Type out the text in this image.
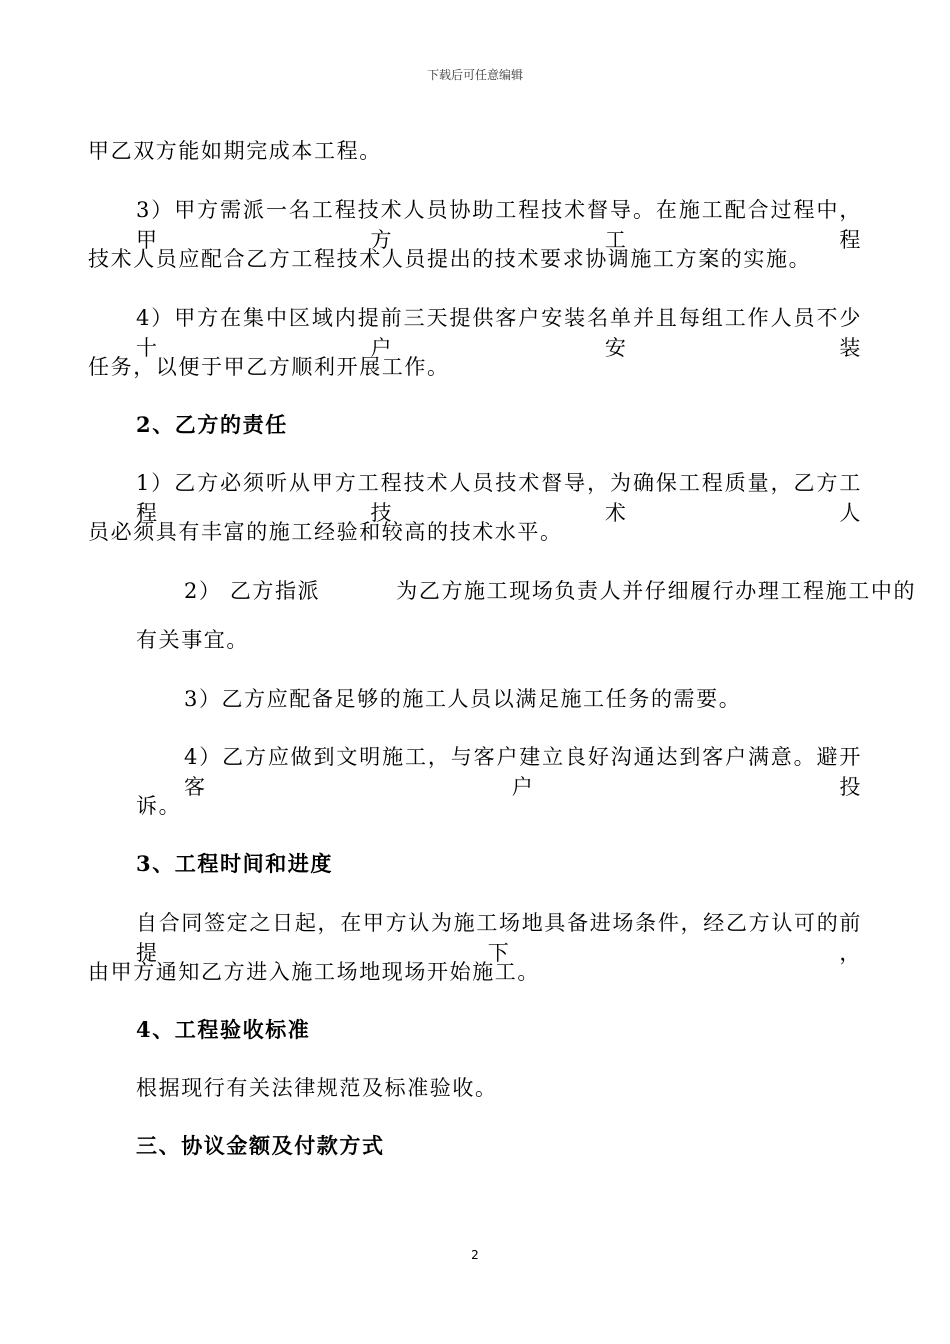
下载后可任意编辑
甲乙双方能如期完成本工程。
3）甲方需派一名工程技术人员协助工程技术督导。在施工配合过程中，甲方工程
技术人员应配合乙方工程技术人员提出的技术要求协调施工方案的实施。
4）甲方在集中区域内提前三天提供客户安装名单并且每组工作人员不少十户安装
任务，以便于甲乙方顺利开展工作。
2、乙方的责任
1）乙方必须听从甲方工程技术人员技术督导，为确保工程质量，乙方工程技术人
员必须具有丰富的施工经验和较高的技术水平。
2） 乙方指派	为乙方施工现场负责人并仔细履行办理工程施工中的
有关事宜。
3）乙方应配备足够的施工人员以满足施工任务的需要。
4）乙方应做到文明施工，与客户建立良好沟通达到客户满意。避开客户投
诉。
3、工程时间和进度
自合同签定之日起，在甲方认为施工场地具备进场条件，经乙方认可的前提下，
由甲方通知乙方进入施工场地现场开始施工。
4、工程验收标准
根据现行有关法律规范及标准验收。
三、协议金额及付款方式
2
